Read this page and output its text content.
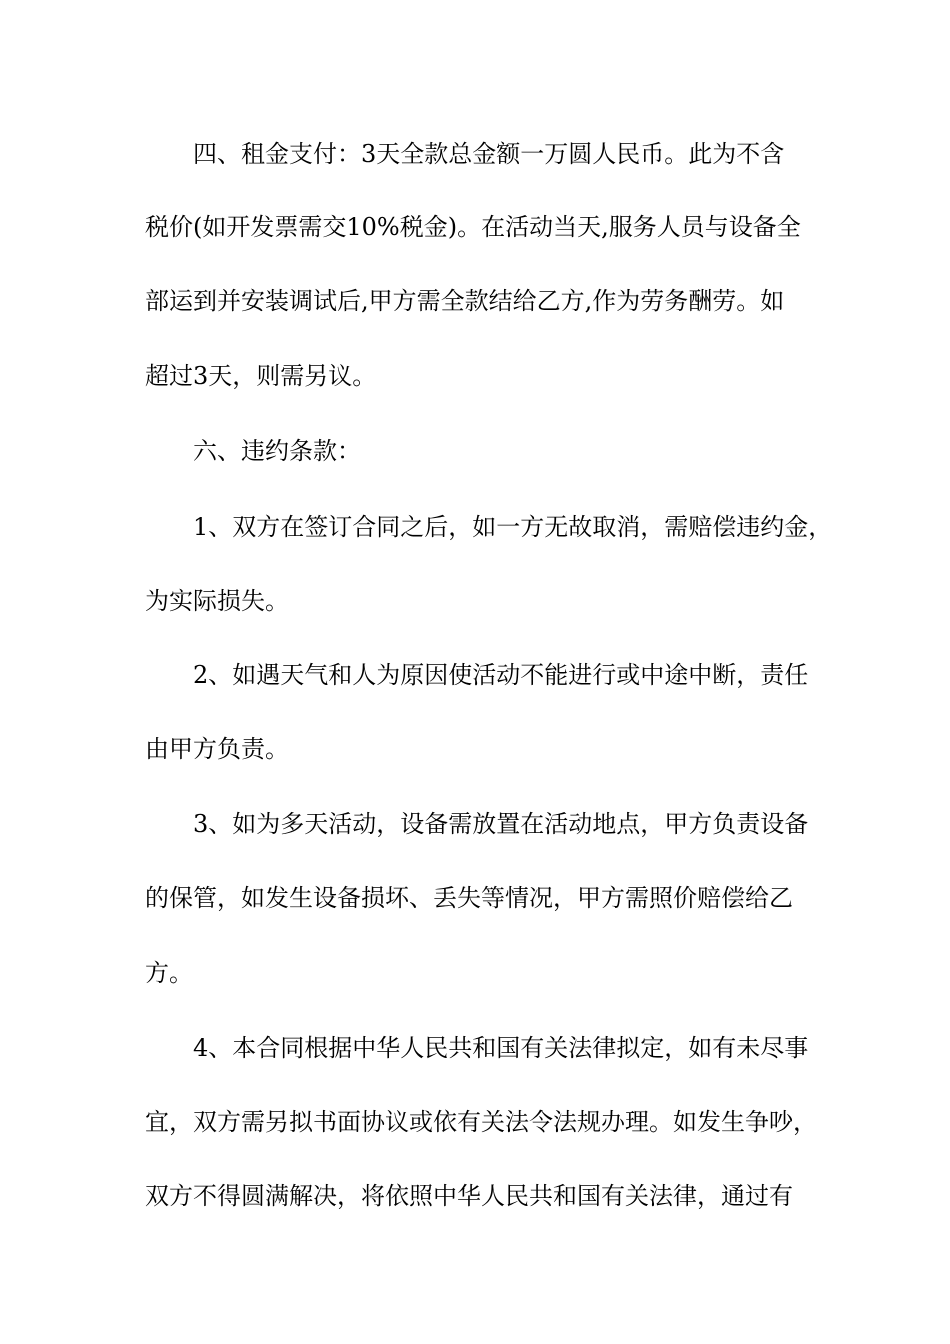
四、租金支付：3天全款总金额一万圆人民币。此为不含

税价(如开发票需交10%税金)。在活动当天,服务人员与设备全

部运到并安装调试后,甲方需全款结给乙方,作为劳务酬劳。如

超过3天，则需另议。

六、违约条款：

1、双方在签订合同之后，如一方无故取消，需赔偿违约金，

为实际损失。

2、如遇天气和人为原因使活动不能进行或中途中断，责任

由甲方负责。

3、如为多天活动，设备需放置在活动地点，甲方负责设备

的保管，如发生设备损坏、丢失等情况，甲方需照价赔偿给乙

方。

4、本合同根据中华人民共和国有关法律拟定，如有未尽事

宜，双方需另拟书面协议或依有关法令法规办理。如发生争吵，

双方不得圆满解决，将依照中华人民共和国有关法律，通过有
